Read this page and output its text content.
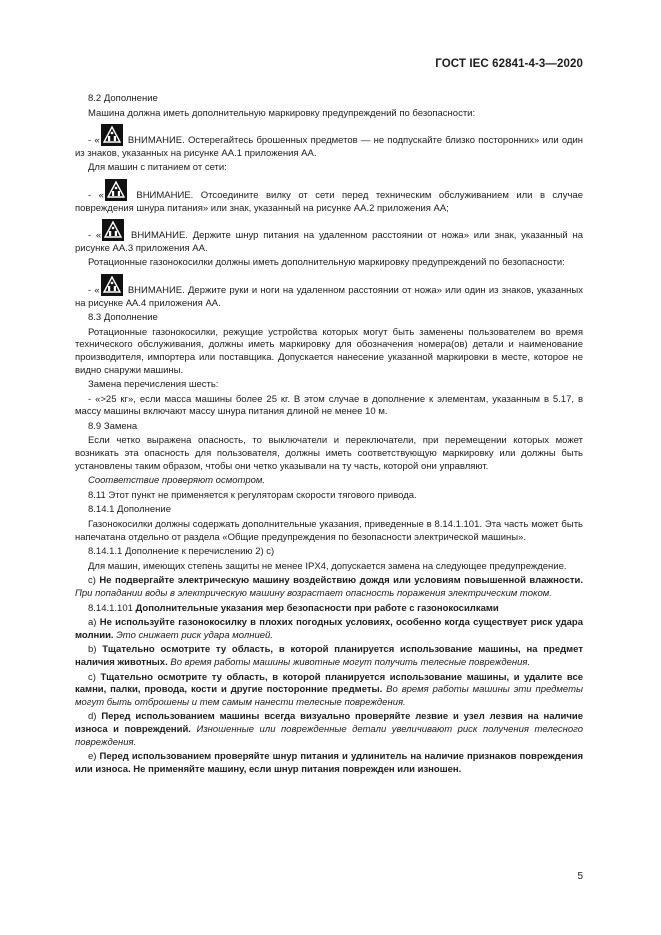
ГОСТ IEC 62841-4-3—2020

8.2 Дополнение

Машина должна иметь дополнительную маркировку предупреждений по безопасности:

- «	ВНИМАНИЕ. Остерегайтесь брошенных предметов — не подпускайте близко посторонних» или один из знаков, указанных на рисунке АА.1 приложения АА.

Для машин с питанием от сети:

- «	ВНИМАНИЕ. Отсоедините вилку от сети перед техническим обслуживанием или в случае повреждения шнура питания» или знак, указанный на рисунке АА.2 приложения АА;

- «	ВНИМАНИЕ. Держите шнур питания на удаленном расстоянии от ножа» или знак, указанный на рисунке АА.3 приложения АА.

Ротационные газонокосилки должны иметь дополнительную маркировку предупреждений по безопасности:

- «	ВНИМАНИЕ. Держите руки и ноги на удаленном расстоянии от ножа» или один из знаков, указанных на рисунке АА.4 приложения АА.

8.3 Дополнение

Ротационные газонокосилки, режущие устройства которых могут быть заменены пользователем во время технического обслуживания, должны иметь маркировку для обозначения номера(ов) детали и наименование производителя, импортера или поставщика. Допускается нанесение указанной маркировки в месте, которое не видно снаружи машины.

Замена перечисления шесть:

- «>25 кг», если масса машины более 25 кг. В этом случае в дополнение к элементам, указанным в 5.17, в массу машины включают массу шнура питания длиной не менее 10 м.

8.9 Замена

Если четко выражена опасность, то выключатели и переключатели, при перемещении которых может возникать эта опасность для пользователя, должны иметь соответствующую маркировку или должны быть установлены таким образом, чтобы они четко указывали на ту часть, которой они управляют.

Соответствие проверяют осмотром.

8.11 Этот пункт не применяется к регуляторам скорости тягового привода.

8.14.1 Дополнение

Газонокосилки должны содержать дополнительные указания, приведенные в 8.14.1.101. Эта часть может быть напечатана отдельно от раздела «Общие предупреждения по безопасности электрической машины».

8.14.1.1 Дополнение к перечислению 2) с)

Для машин, имеющих степень защиты не менее IPX4, допускается замена на следующее предупреждение.

с) Не подвергайте электрическую машину воздействию дождя или условиям повышенной влажности. При попадании воды в электрическую машину возрастает опасность поражения электрическим током.

8.14.1.101 Дополнительные указания мер безопасности при работе с газонокосилками

а) Не используйте газонокосилку в плохих погодных условиях, особенно когда существует риск удара молнии. Это снижает риск удара молнией.

b) Тщательно осмотрите ту область, в которой планируется использование машины, на предмет наличия животных. Во время работы машины животные могут получить телесные повреждения.

с) Тщательно осмотрите ту область, в которой планируется использование машины, и удалите все камни, палки, провода, кости и другие посторонние предметы. Во время работы машины эти предметы могут быть отброшены и тем самым нанести телесные повреждения.

d) Перед использованием машины всегда визуально проверяйте лезвие и узел лезвия на наличие износа и повреждений. Изношенные или поврежденные детали увеличивают риск получения телесного повреждения.

е) Перед использованием проверяйте шнур питания и удлинитель на наличие признаков повреждения или износа. Не применяйте машину, если шнур питания поврежден или изношен.

5
